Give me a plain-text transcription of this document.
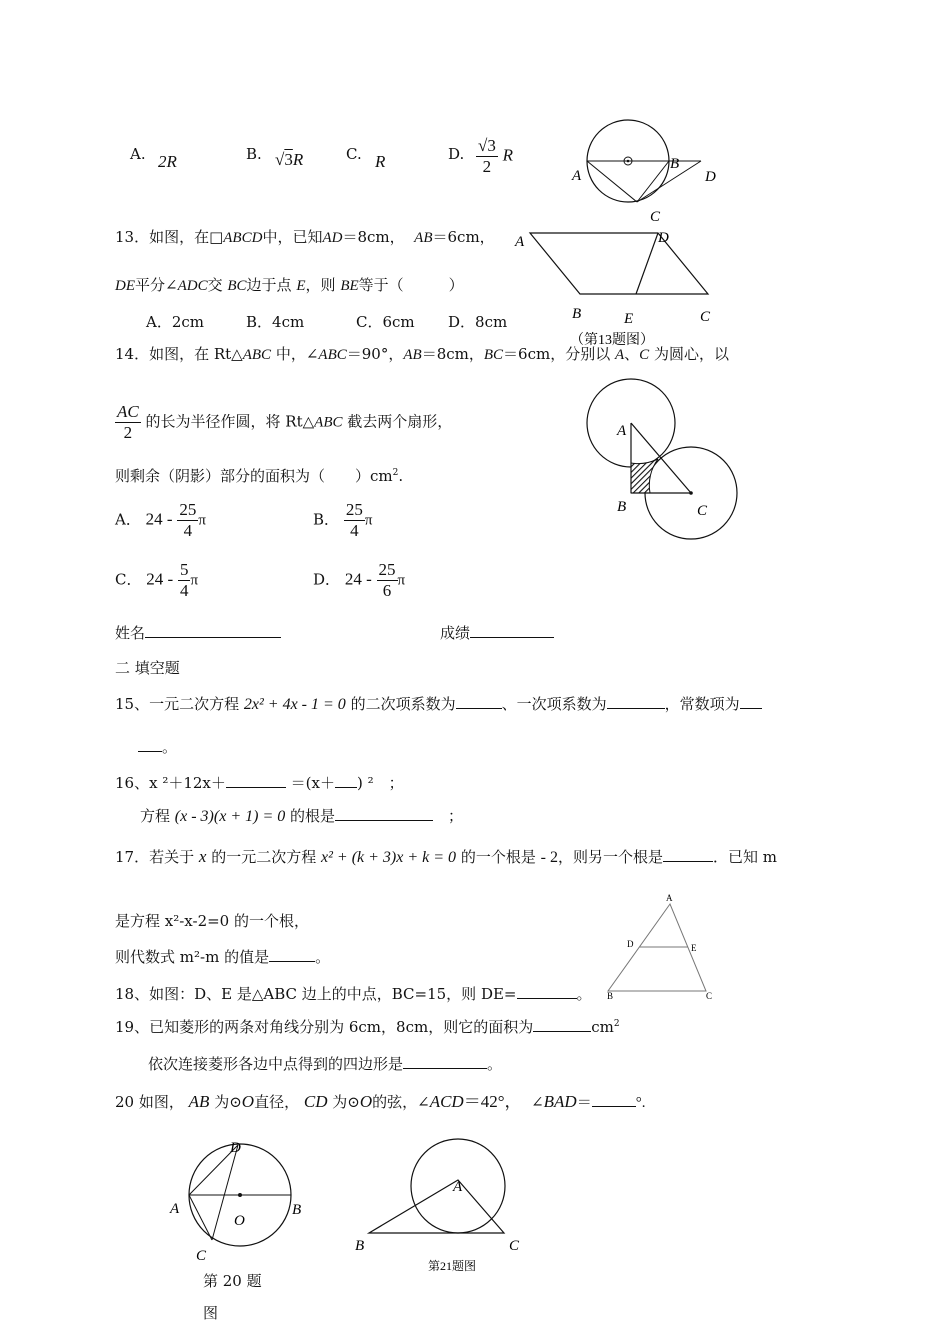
A. 2R	B. √3R	C. R	D. $\frac{√3}{2}$ R
A
B
D
C
13．如图，在□ABCD中，已知AD＝8cm， AB＝6cm，
DE平分∠ADC交 BC边于点 E，则 BE等于（　　　）
A．2cm	B．4cm	C．6cm D．8cm
A	D
B	E	C
（第13题图）
14．如图，在 Rt△ABC 中，∠ABC＝90°，AB＝8cm，BC＝6cm，分别以 A、C 为圆心，以
$\frac{AC}{2}$ 的长为半径作圆，将 Rt△ABC 截去两个扇形，
则剩余（阴影）部分的面积为（　　）$cm^2$.
A． $24 - \frac{25}{4}$ π	B． $\frac{25}{4}$ π
C． $24 - \frac{5}{4}$ π	D． $24 - \frac{25}{6}$ π
A
B	C
姓名	成绩
二 填空题
15、一元二次方程 2x² + 4x - 1 = 0 的二次项系数为	、一次项系数为	，常数项为
。
16、x ²＋12x＋	＝(x＋ ) ²　；
方程 (x - 3)(x + 1) = 0 的根是	　；
17．若关于 x 的一元二次方程 x² + (k + 3)x + k = 0 的一个根是 - 2，则另一个根是	．已知 m
是方程 x²-x-2=0 的一个根，
则代数式 m²-m 的值是	。
A
D	E
B	C
18、如图：D、E 是△ABC 边上的中点，BC=15，则 DE=	。
19、已知菱形的两条对角线分别为 6cm，8cm，则它的面积为	$cm^2$
依次连接菱形各边中点得到的四边形是	。
20 如图， AB 为⊙O直径， CD 为⊙O的弦，∠ACD＝42°， ∠BAD＝	°.
A	B
D
O
C
第 20 题
图
A
B	C
第21题图
